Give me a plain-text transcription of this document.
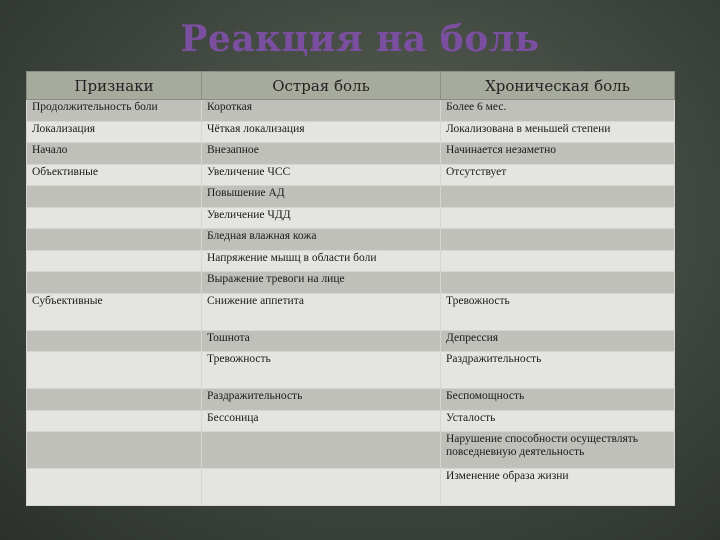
Реакция на боль
Признаки	Острая боль	Хроническая боль
Продолжительность боли	Короткая	Более 6 мес.
Локализация	Чёткая локализация	Локализована в меньшей степени
Начало	Внезапное	Начинается незаметно
Объективные	Увеличение ЧСС	Отсутствует
	Повышение АД	
	Увеличение ЧДД	
	Бледная влажная кожа	
	Напряжение мышц в области боли	
	Выражение тревоги на лице	
Субъективные	Снижение аппетита	Тревожность
	Тошнота	Депрессия
	Тревожность	Раздражительность
	Раздражительность	Беспомощность
	Бессоница	Усталость
		Нарушение способности осуществлять повседневную деятельность
		Изменение образа жизни
